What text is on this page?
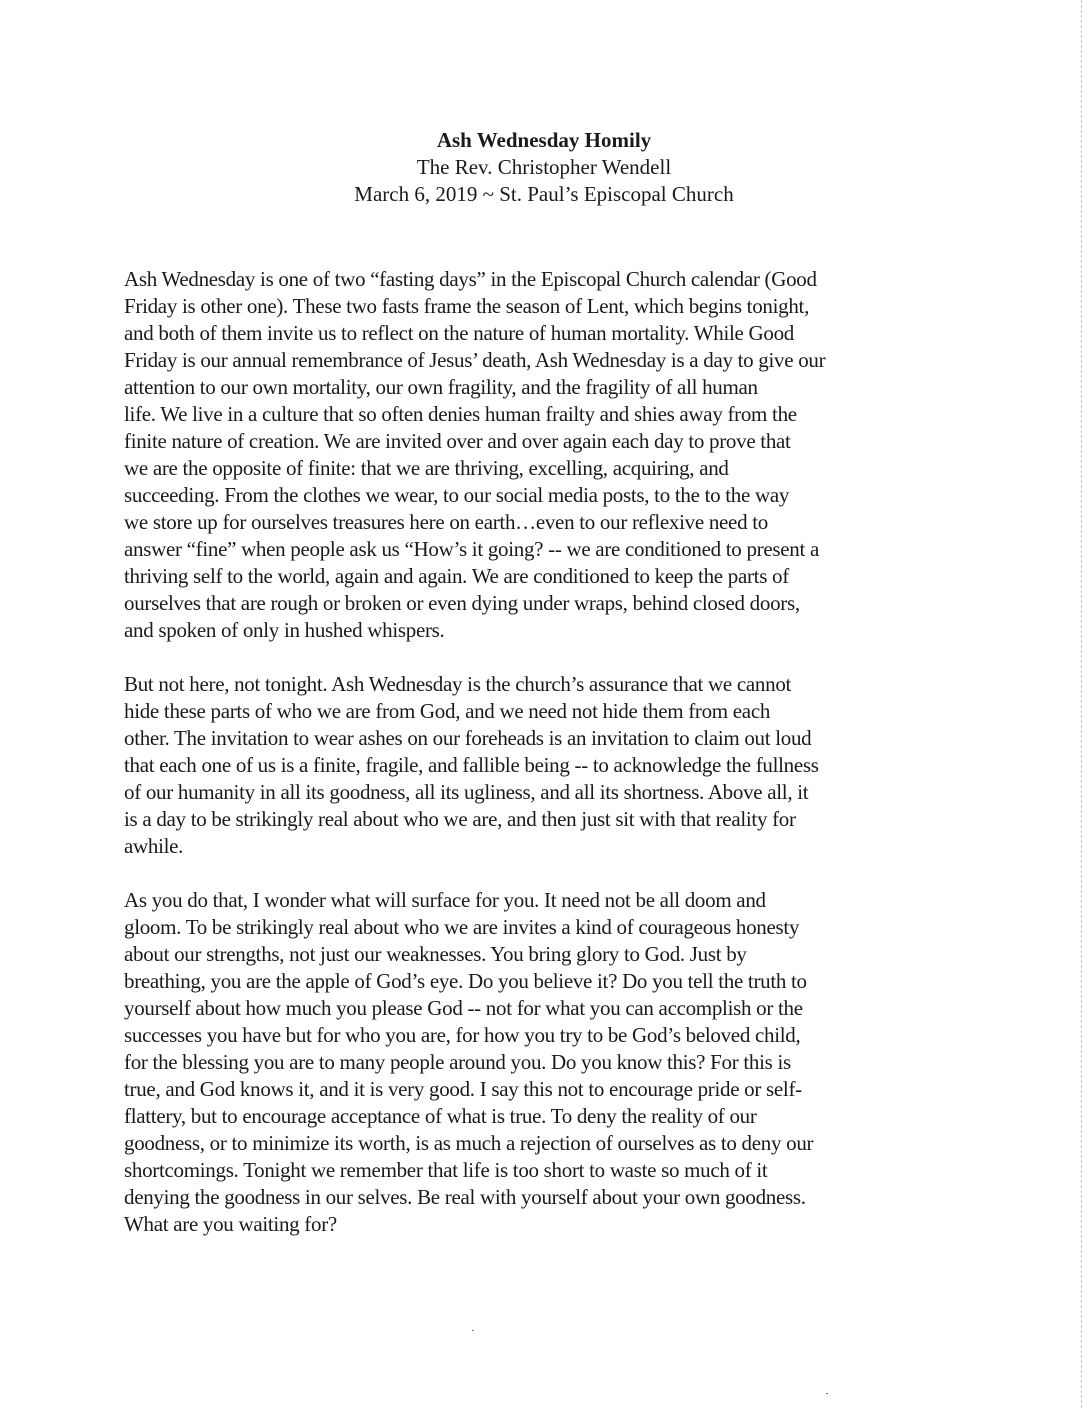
Ash Wednesday Homily
The Rev. Christopher Wendell
March 6, 2019 ~ St. Paul’s Episcopal Church
Ash Wednesday is one of two “fasting days” in the Episcopal Church calendar (Good
Friday is other one). These two fasts frame the season of Lent, which begins tonight,
and both of them invite us to reflect on the nature of human mortality. While Good
Friday is our annual remembrance of Jesus’ death, Ash Wednesday is a day to give our
attention to our own mortality, our own fragility, and the fragility of all human
life. We live in a culture that so often denies human frailty and shies away from the
finite nature of creation. We are invited over and over again each day to prove that
we are the opposite of finite: that we are thriving, excelling, acquiring, and
succeeding. From the clothes we wear, to our social media posts, to the to the way
we store up for ourselves treasures here on earth…even to our reflexive need to
answer “fine” when people ask us “How’s it going? -- we are conditioned to present a
thriving self to the world, again and again. We are conditioned to keep the parts of
ourselves that are rough or broken or even dying under wraps, behind closed doors,
and spoken of only in hushed whispers.
But not here, not tonight. Ash Wednesday is the church’s assurance that we cannot
hide these parts of who we are from God, and we need not hide them from each
other. The invitation to wear ashes on our foreheads is an invitation to claim out loud
that each one of us is a finite, fragile, and fallible being -- to acknowledge the fullness
of our humanity in all its goodness, all its ugliness, and all its shortness. Above all, it
is a day to be strikingly real about who we are, and then just sit with that reality for
awhile.
As you do that, I wonder what will surface for you. It need not be all doom and
gloom. To be strikingly real about who we are invites a kind of courageous honesty
about our strengths, not just our weaknesses. You bring glory to God. Just by
breathing, you are the apple of God’s eye. Do you believe it? Do you tell the truth to
yourself about how much you please God -- not for what you can accomplish or the
successes you have but for who you are, for how you try to be God’s beloved child,
for the blessing you are to many people around you. Do you know this? For this is
true, and God knows it, and it is very good. I say this not to encourage pride or self-
flattery, but to encourage acceptance of what is true. To deny the reality of our
goodness, or to minimize its worth, is as much a rejection of ourselves as to deny our
shortcomings. Tonight we remember that life is too short to waste so much of it
denying the goodness in our selves. Be real with yourself about your own goodness.
What are you waiting for?
